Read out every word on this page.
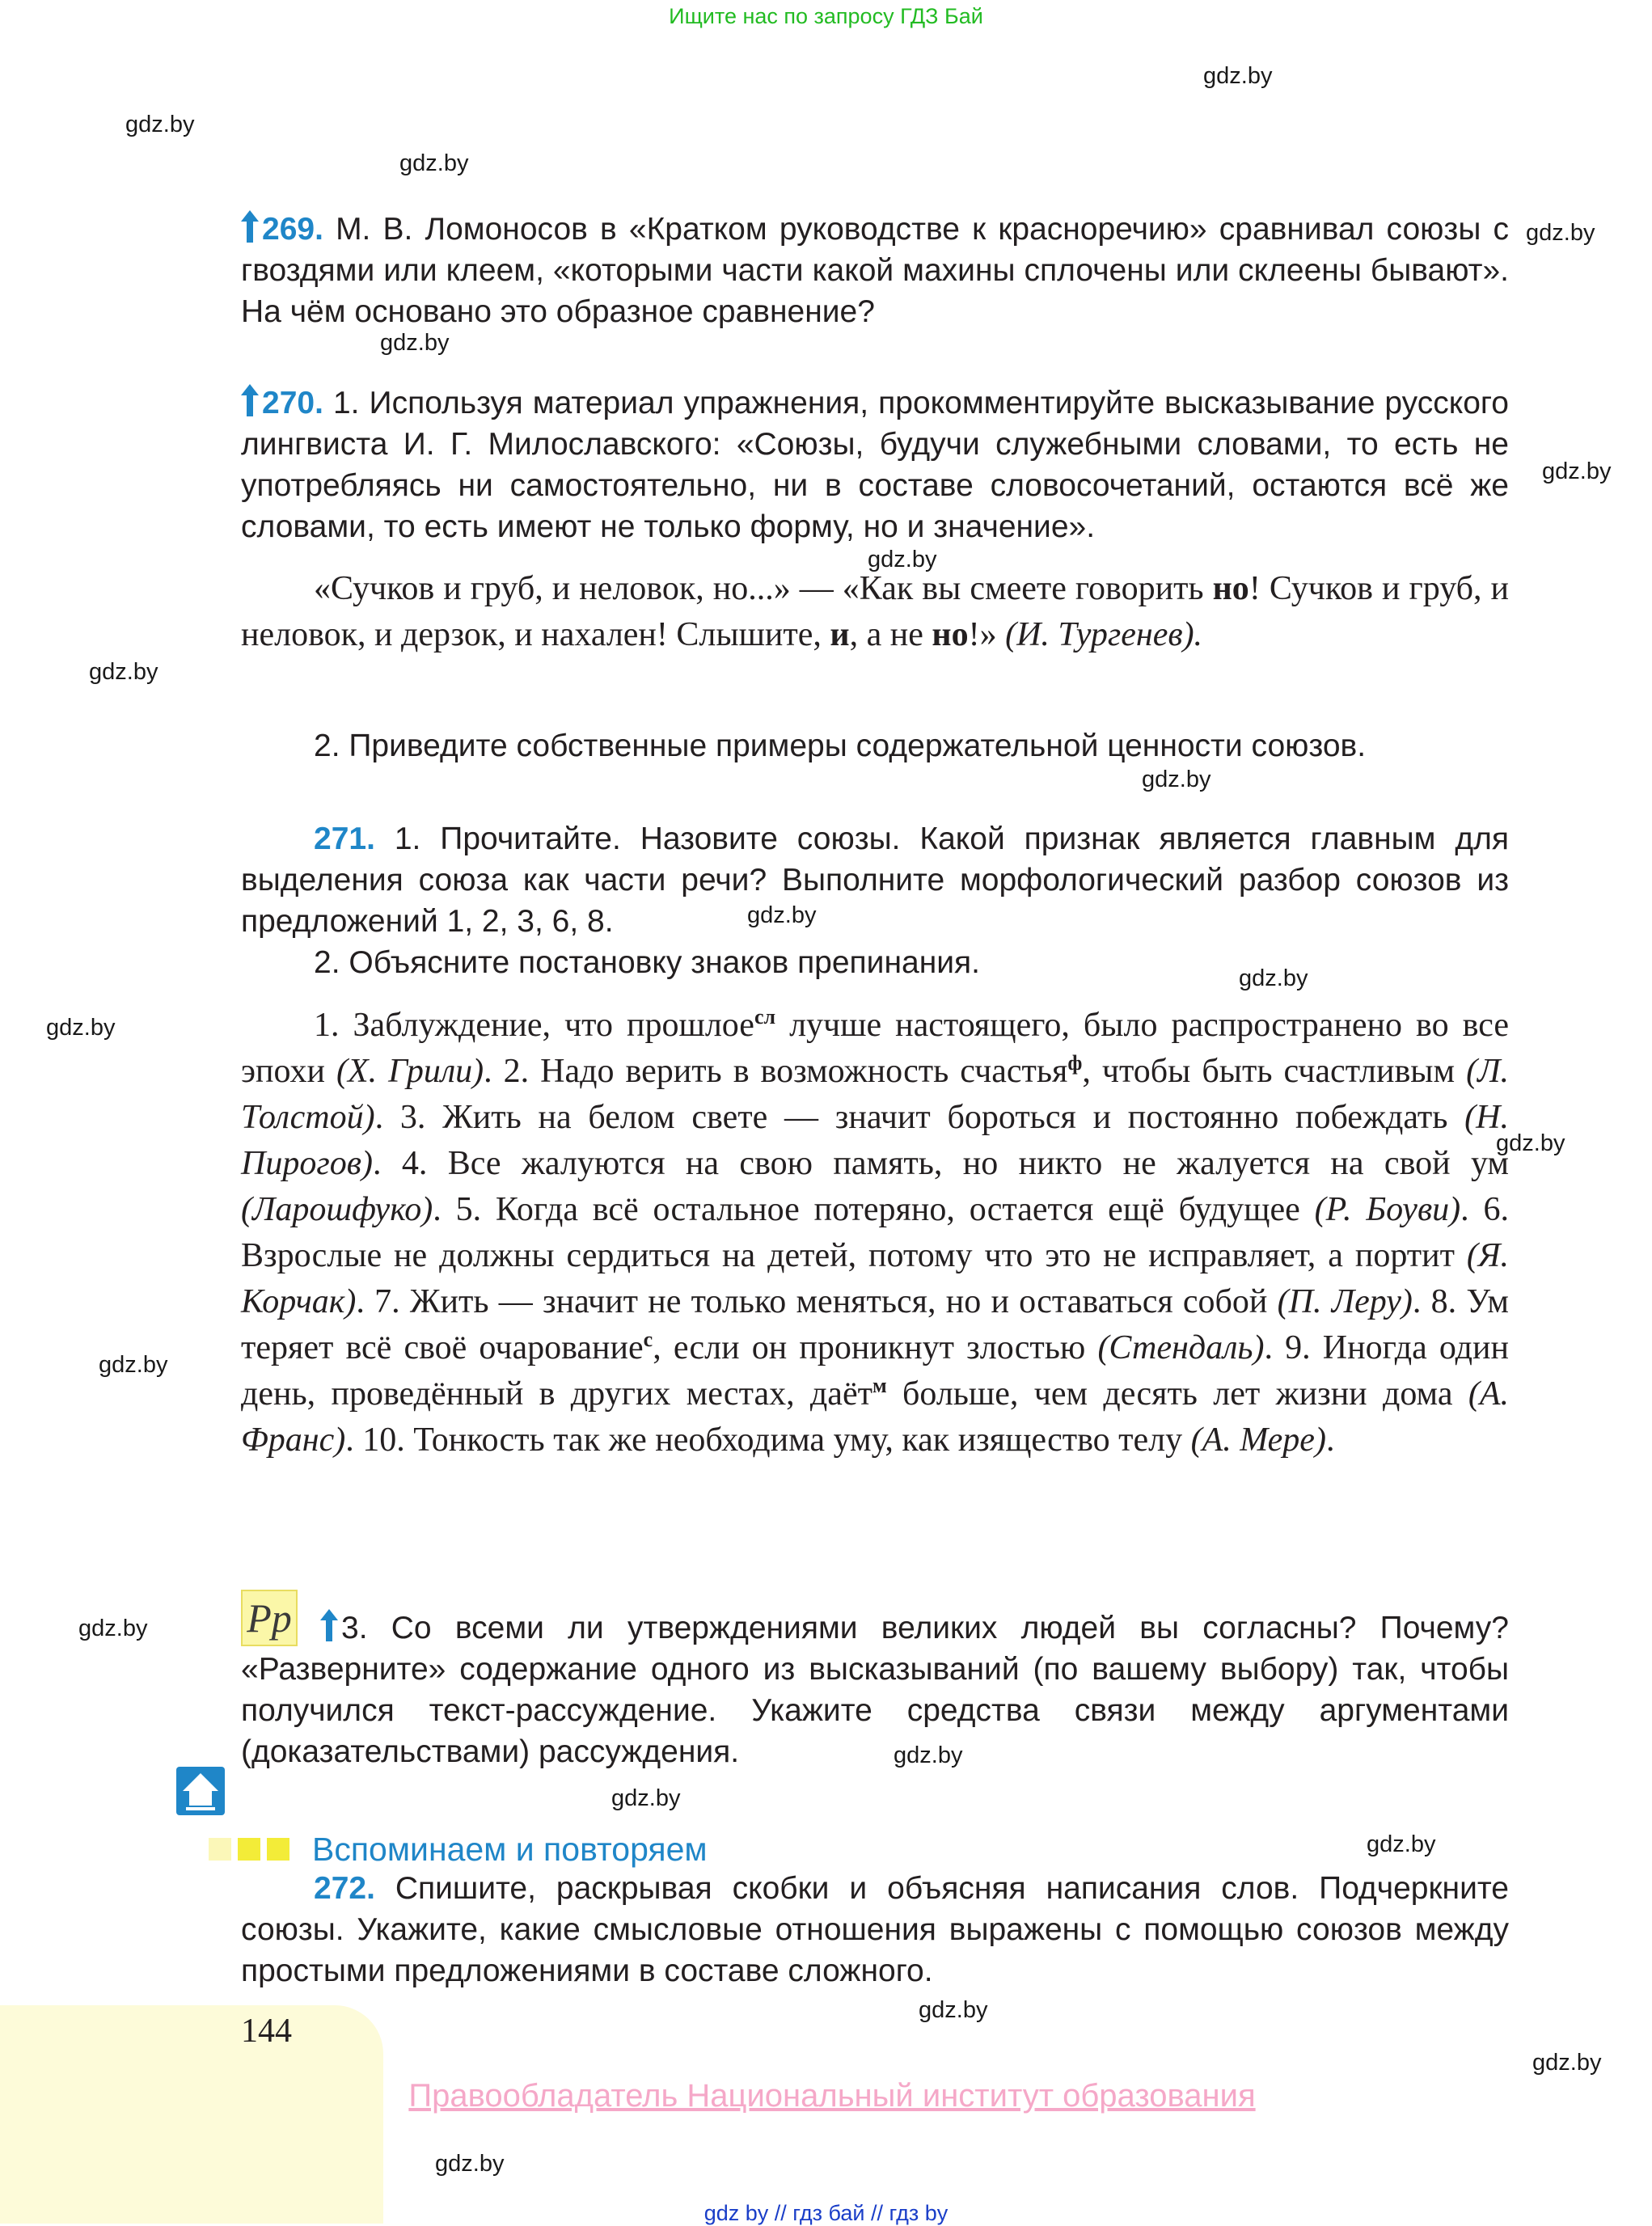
Ищите нас по запросу ГДЗ Бай
gdz.by
gdz.by
gdz.by
gdz.by
gdz.by
gdz.by
gdz.by
gdz.by
gdz.by
gdz.by
gdz.by
gdz.by
gdz.by
gdz.by
gdz.by
gdz.by
gdz.by
gdz.by
gdz.by
gdz.by
gdz.by
269. М. В. Ломоносов в «Кратком руководстве к красноречию» сравнивал союзы с гвоздями или клеем, «которыми части какой махины сплочены или склеены бывают». На чём основано это образное сравнение?
270. 1. Используя материал упражнения, прокомментируйте высказывание русского лингвиста И. Г. Милославского: «Союзы, будучи служебными словами, то есть не употребляясь ни самостоятельно, ни в составе словосочетаний, остаются всё же словами, то есть имеют не только форму, но и значение».
«Сучков и груб, и неловок, но...» — «Как вы смеете говорить но! Сучков и груб, и неловок, и дерзок, и нахален! Слышите, и, а не но!» (И. Тургенев).
2. Приведите собственные примеры содержательной ценности союзов.
271. 1. Прочитайте. Назовите союзы. Какой признак является главным для выделения союза как части речи? Выполните морфологический разбор союзов из предложений 1, 2, 3, 6, 8.
2. Объясните постановку знаков препинания.
1. Заблуждение, что прошлое$^{сл}$ лучше настоящего, было распространено во все эпохи (Х. Грили). 2. Надо верить в возможность счастья$^ф$, чтобы быть счастливым (Л. Толстой). 3. Жить на белом свете — значит бороться и постоянно побеждать (Н. Пирогов). 4. Все жалуются на свою память, но никто не жалуется на свой ум (Ларошфуко). 5. Когда всё остальное потеряно, остается ещё будущее (Р. Боуви). 6. Взрослые не должны сердиться на детей, потому что это не исправляет, а портит (Я. Корчак). 7. Жить — значит не только меняться, но и оставаться собой (П. Леру). 8. Ум теряет всё своё очарование$^с$, если он проникнут злостью (Стендаль). 9. Иногда один день, проведённый в других местах, даёт$^м$ больше, чем десять лет жизни дома (А. Франс). 10. Тонкость так же необходима уму, как изящество телу (А. Мере).
Рр	3. Со всеми ли утверждениями великих людей вы согласны? Почему? «Разверните» содержание одного из высказываний (по вашему выбору) так, чтобы получился текст-рассуждение. Укажите средства связи между аргументами (доказательствами) рассуждения.
Вспоминаем и повторяем
272. Спишите, раскрывая скобки и объясняя написания слов. Подчеркните союзы. Укажите, какие смысловые отношения выражены с помощью союзов между простыми предложениями в составе сложного.
144
Правообладатель Национальный институт образования
gdz by // гдз бай // гдз by
